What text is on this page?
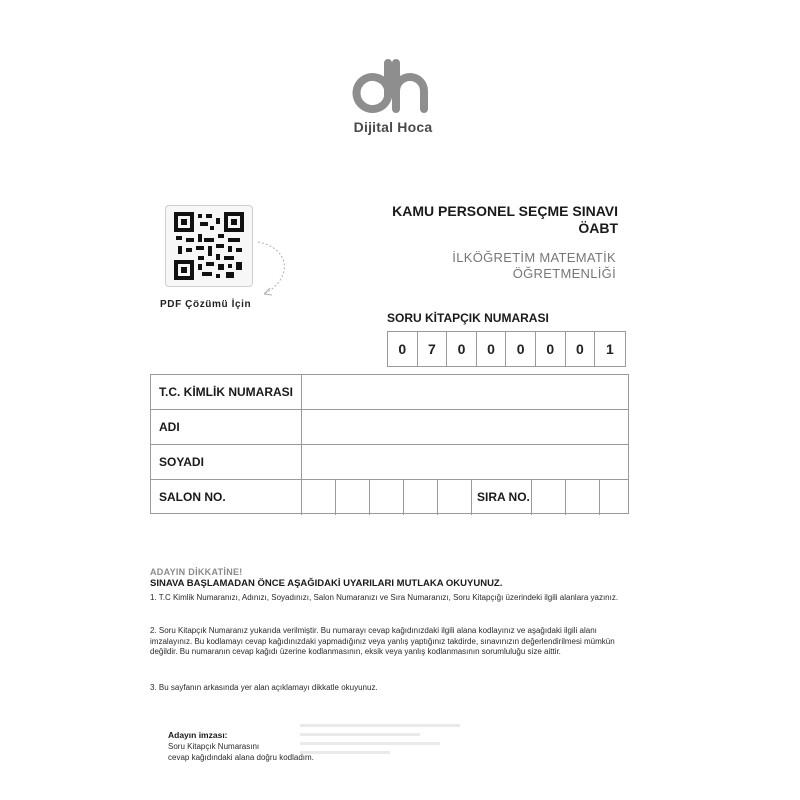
Dijital Hoca
PDF Çözümü İçin
KAMU PERSONEL SEÇME SINAVI
ÖABT
İLKÖĞRETİM MATEMATİK
ÖĞRETMENLİĞİ
SORU KİTAPÇIK NUMARASI
0	7	0	0	0	0	0	1
T.C. KİMLİK NUMARASI
ADI
SOYADI
SALON NO.	SIRA NO.
ADAYIN DİKKATİNE!
SINAVA BAŞLAMADAN ÖNCE AŞAĞIDAKİ UYARILARI MUTLAKA OKUYUNUZ.
1. T.C Kimlik Numaranızı, Adınızı, Soyadınızı, Salon Numaranızı ve Sıra Numaranızı, Soru Kitapçığı üzerindeki ilgili alanlara yazınız.
2. Soru Kitapçık Numaranız yukarıda verilmiştir. Bu numarayı cevap kağıdınızdaki ilgili alana kodlayınız ve aşağıdaki ilgili alanı imzalayınız. Bu kodlamayı cevap kağıdınızdaki yapmadığınız veya yanlış yaptığınız takdirde, sınavınızın değerlendirilmesi mümkün değildir. Bu numaranın cevap kağıdı üzerine kodlanmasının, eksik veya yanlış kodlanmasının sorumluluğu size aittir.
3. Bu sayfanın arkasında yer alan açıklamayı dikkatle okuyunuz.
Adayın imzası:
Soru Kitapçık Numarasını
cevap kağıdındaki alana doğru kodladım.
